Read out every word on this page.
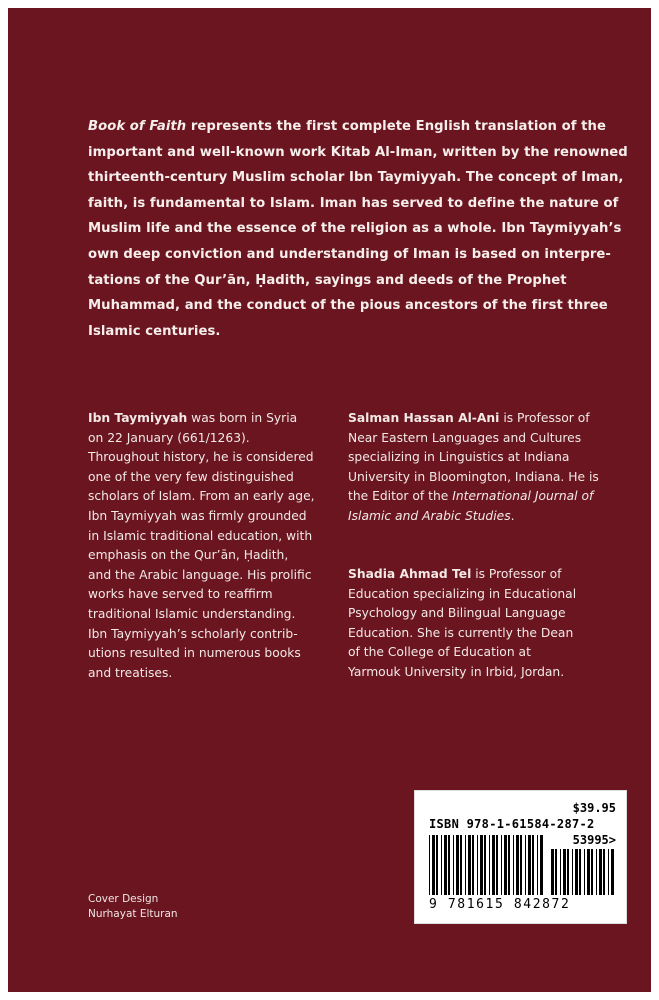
Book of Faith represents the first complete English translation of the
important and well-known work Kitab Al-Iman, written by the renowned
thirteenth-century Muslim scholar Ibn Taymiyyah. The concept of Iman,
faith, is fundamental to Islam. Iman has served to define the nature of
Muslim life and the essence of the religion as a whole. Ibn Taymiyyah’s
own deep conviction and understanding of Iman is based on interpre-
tations of the Qur’ān, Ḥadith, sayings and deeds of the Prophet
Muhammad, and the conduct of the pious ancestors of the first three
Islamic centuries.
Ibn Taymiyyah was born in Syria
on 22 January (661/1263).
Throughout history, he is considered
one of the very few distinguished
scholars of Islam. From an early age,
Ibn Taymiyyah was firmly grounded
in Islamic traditional education, with
emphasis on the Qur’ān, Ḥadith,
and the Arabic language. His prolific
works have served to reaffirm
traditional Islamic understanding.
Ibn Taymiyyah’s scholarly contrib-
utions resulted in numerous books
and treatises.
Salman Hassan Al-Ani is Professor of
Near Eastern Languages and Cultures
specializing in Linguistics at Indiana
University in Bloomington, Indiana. He is
the Editor of the International Journal of
Islamic and Arabic Studies.
Shadia Ahmad Tel is Professor of
Education specializing in Educational
Psychology and Bilingual Language
Education. She is currently the Dean
of the College of Education at
Yarmouk University in Irbid, Jordan.
Cover Design
Nurhayat Elturan
$39.95
ISBN 978-1-61584-287-2
53995>
9 781615 842872
